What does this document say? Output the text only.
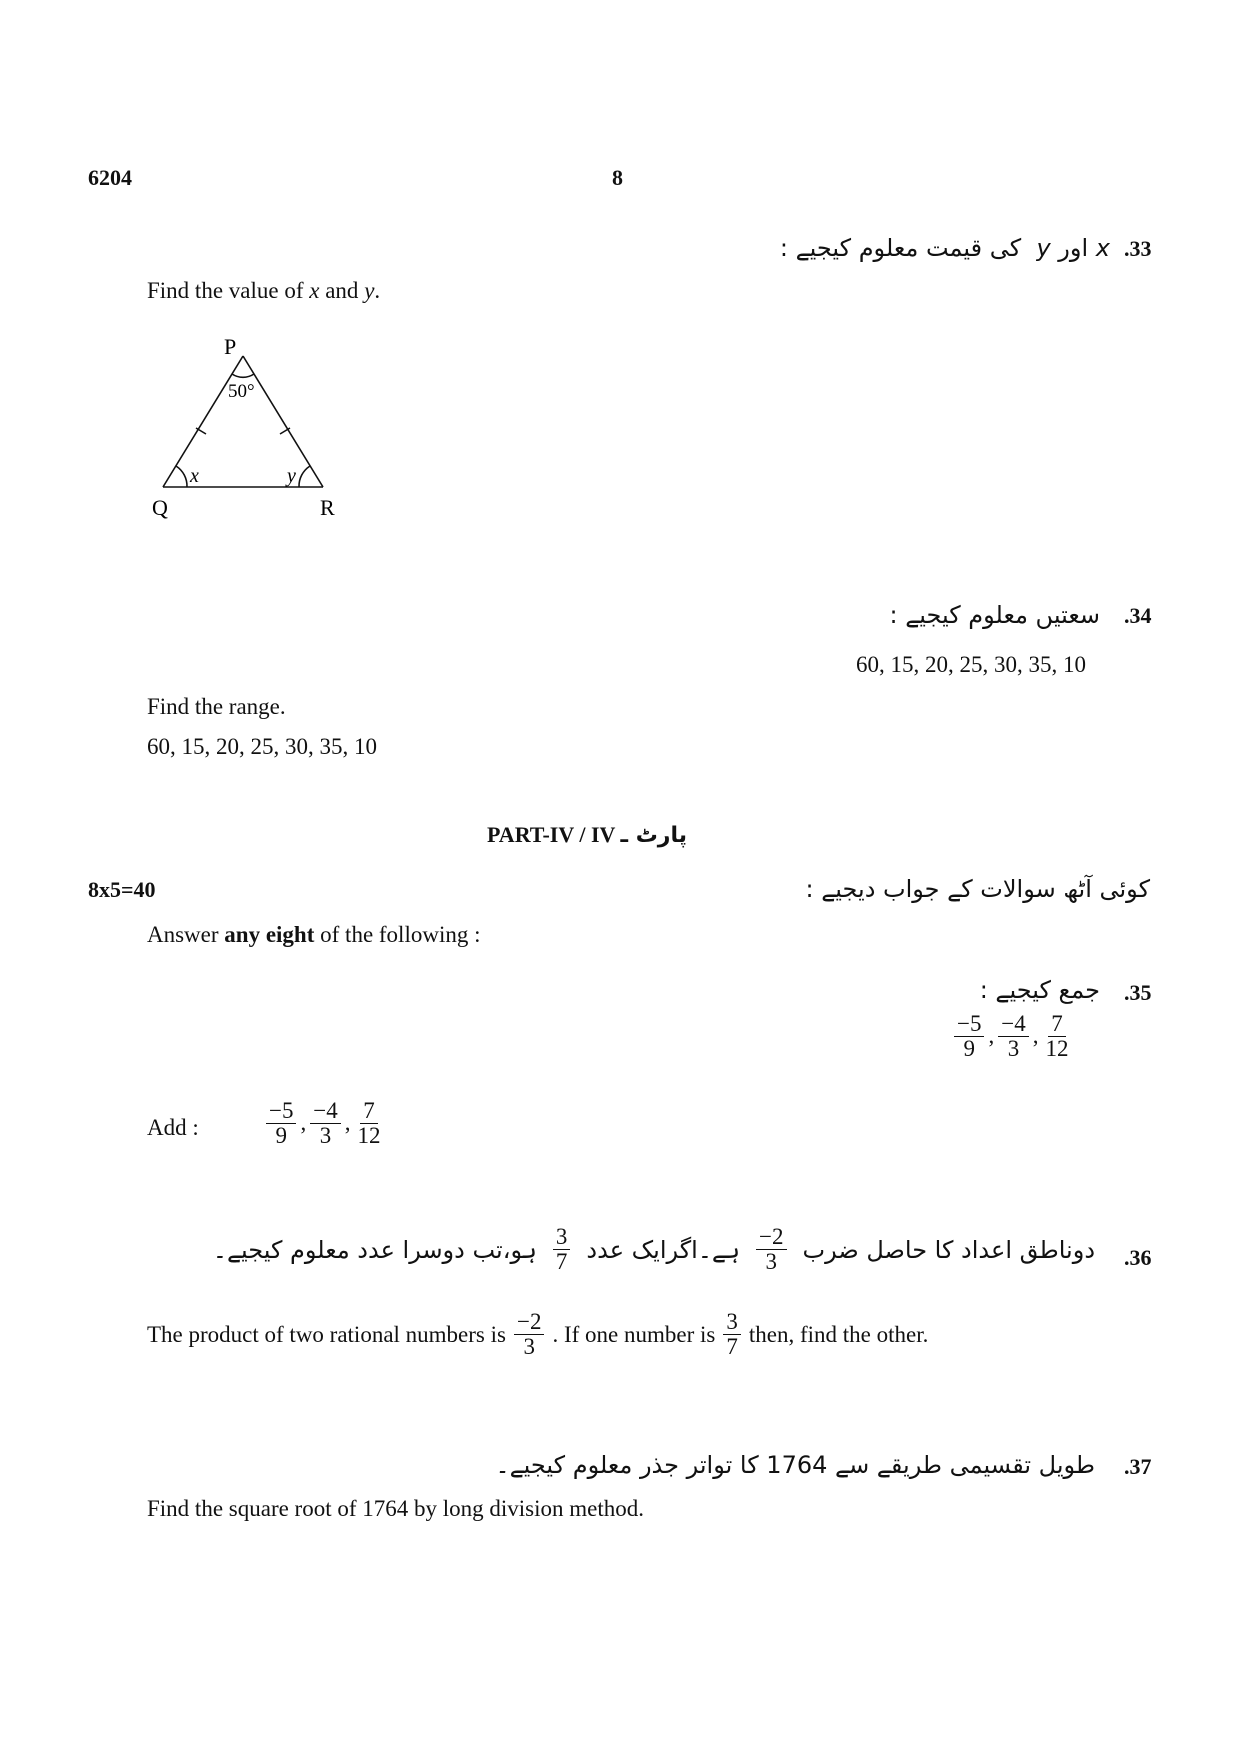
6204	8
.33
x اور y  کی قیمت معلوم کیجیے :
Find the value of x and y.
P
50°
x	y
Q	R
.34
سعتیں معلوم کیجیے :
60, 15, 20, 25, 30, 35, 10
Find the range.
60, 15, 20, 25, 30, 35, 10
PART-IV / IV پارٹ ـ
8x5=40	کوئی آٹھ سوالات کے جواب دیجیے :
Answer any eight of the following :
.35
جمع کیجیے :
$\frac{-5}{9}$ , $\frac{-4}{3}$ , $\frac{7}{12}$
Add :	$\frac{-5}{9}$ , $\frac{-4}{3}$ , $\frac{7}{12}$
.36
دوناطق اعداد کا حاصل ضرب
$\frac{-2}{3}$
ہے۔اگرایک عدد
$\frac{3}{7}$
ہو،تب دوسرا عدد معلوم کیجیے۔
The product of two rational numbers is $\frac{-2}{3}$ . If one number is $\frac{3}{7}$ then, find the other.
.37
طویل تقسیمی طریقے سے 1764 کا تواتر جذر معلوم کیجیے۔
Find the square root of 1764 by long division method.
